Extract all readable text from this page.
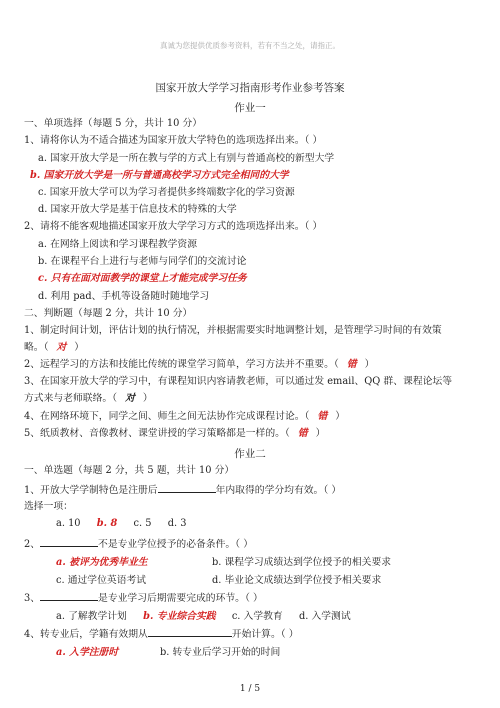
真诚为您提供优质参考资料，若有不当之处，请指正。
国家开放大学学习指南形考作业参考答案
作业一
一、单项选择（每题 5 分，共计 10 分）
1、请将你认为不适合描述为国家开放大学特色的选项选择出来。（ ）
a. 国家开放大学是一所在教与学的方式上有别与普通高校的新型大学
b. 国家开放大学是一所与普通高校学习方式完全相同的大学
c. 国家开放大学可以为学习者提供多终端数字化的学习资源
d. 国家开放大学是基于信息技术的特殊的大学
2、请将不能客观地描述国家开放大学学习方式的选项选择出来。（ ）
a. 在网络上阅读和学习课程教学资源
b. 在课程平台上进行与老师与同学们的交流讨论
c. 只有在面对面教学的课堂上才能完成学习任务
d. 利用 pad、手机等设备随时随地学习
二、判断题（每题 2 分，共计 10 分）
1、制定时间计划，评估计划的执行情况，并根据需要实时地调整计划，是管理学习时间的有效策
略。（ 对 ）
2、远程学习的方法和技能比传统的课堂学习简单，学习方法并不重要。（ 错 ）
3、在国家开放大学的学习中，有课程知识内容请教老师，可以通过发 email、QQ 群、课程论坛等
方式来与老师联络。（ 对 ）
4、在网络环境下，同学之间、师生之间无法协作完成课程讨论。（ 错 ）
5、纸质教材、音像教材、课堂讲授的学习策略都是一样的。（ 错 ）
作业二
一、单选题（每题 2 分，共 5 题，共计 10 分）
1、开放大学学制特色是注册后	年内取得的学分均有效。（ ）
选择一项：
a. 10 b. 8 c. 5 d. 3
2、	不是专业学位授予的必备条件。（ ）
a. 被评为优秀毕业生	b. 课程学习成绩达到学位授予的相关要求
c. 通过学位英语考试	d. 毕业论文成绩达到学位授予相关要求
3、	是专业学习后期需要完成的环节。（ ）
a. 了解教学计划 b. 专业综合实践 c. 入学教育 d. 入学测试
4、转专业后，学籍有效期从	开始计算。（ ）
a. 入学注册时	b. 转专业后学习开始的时间
1 / 5
